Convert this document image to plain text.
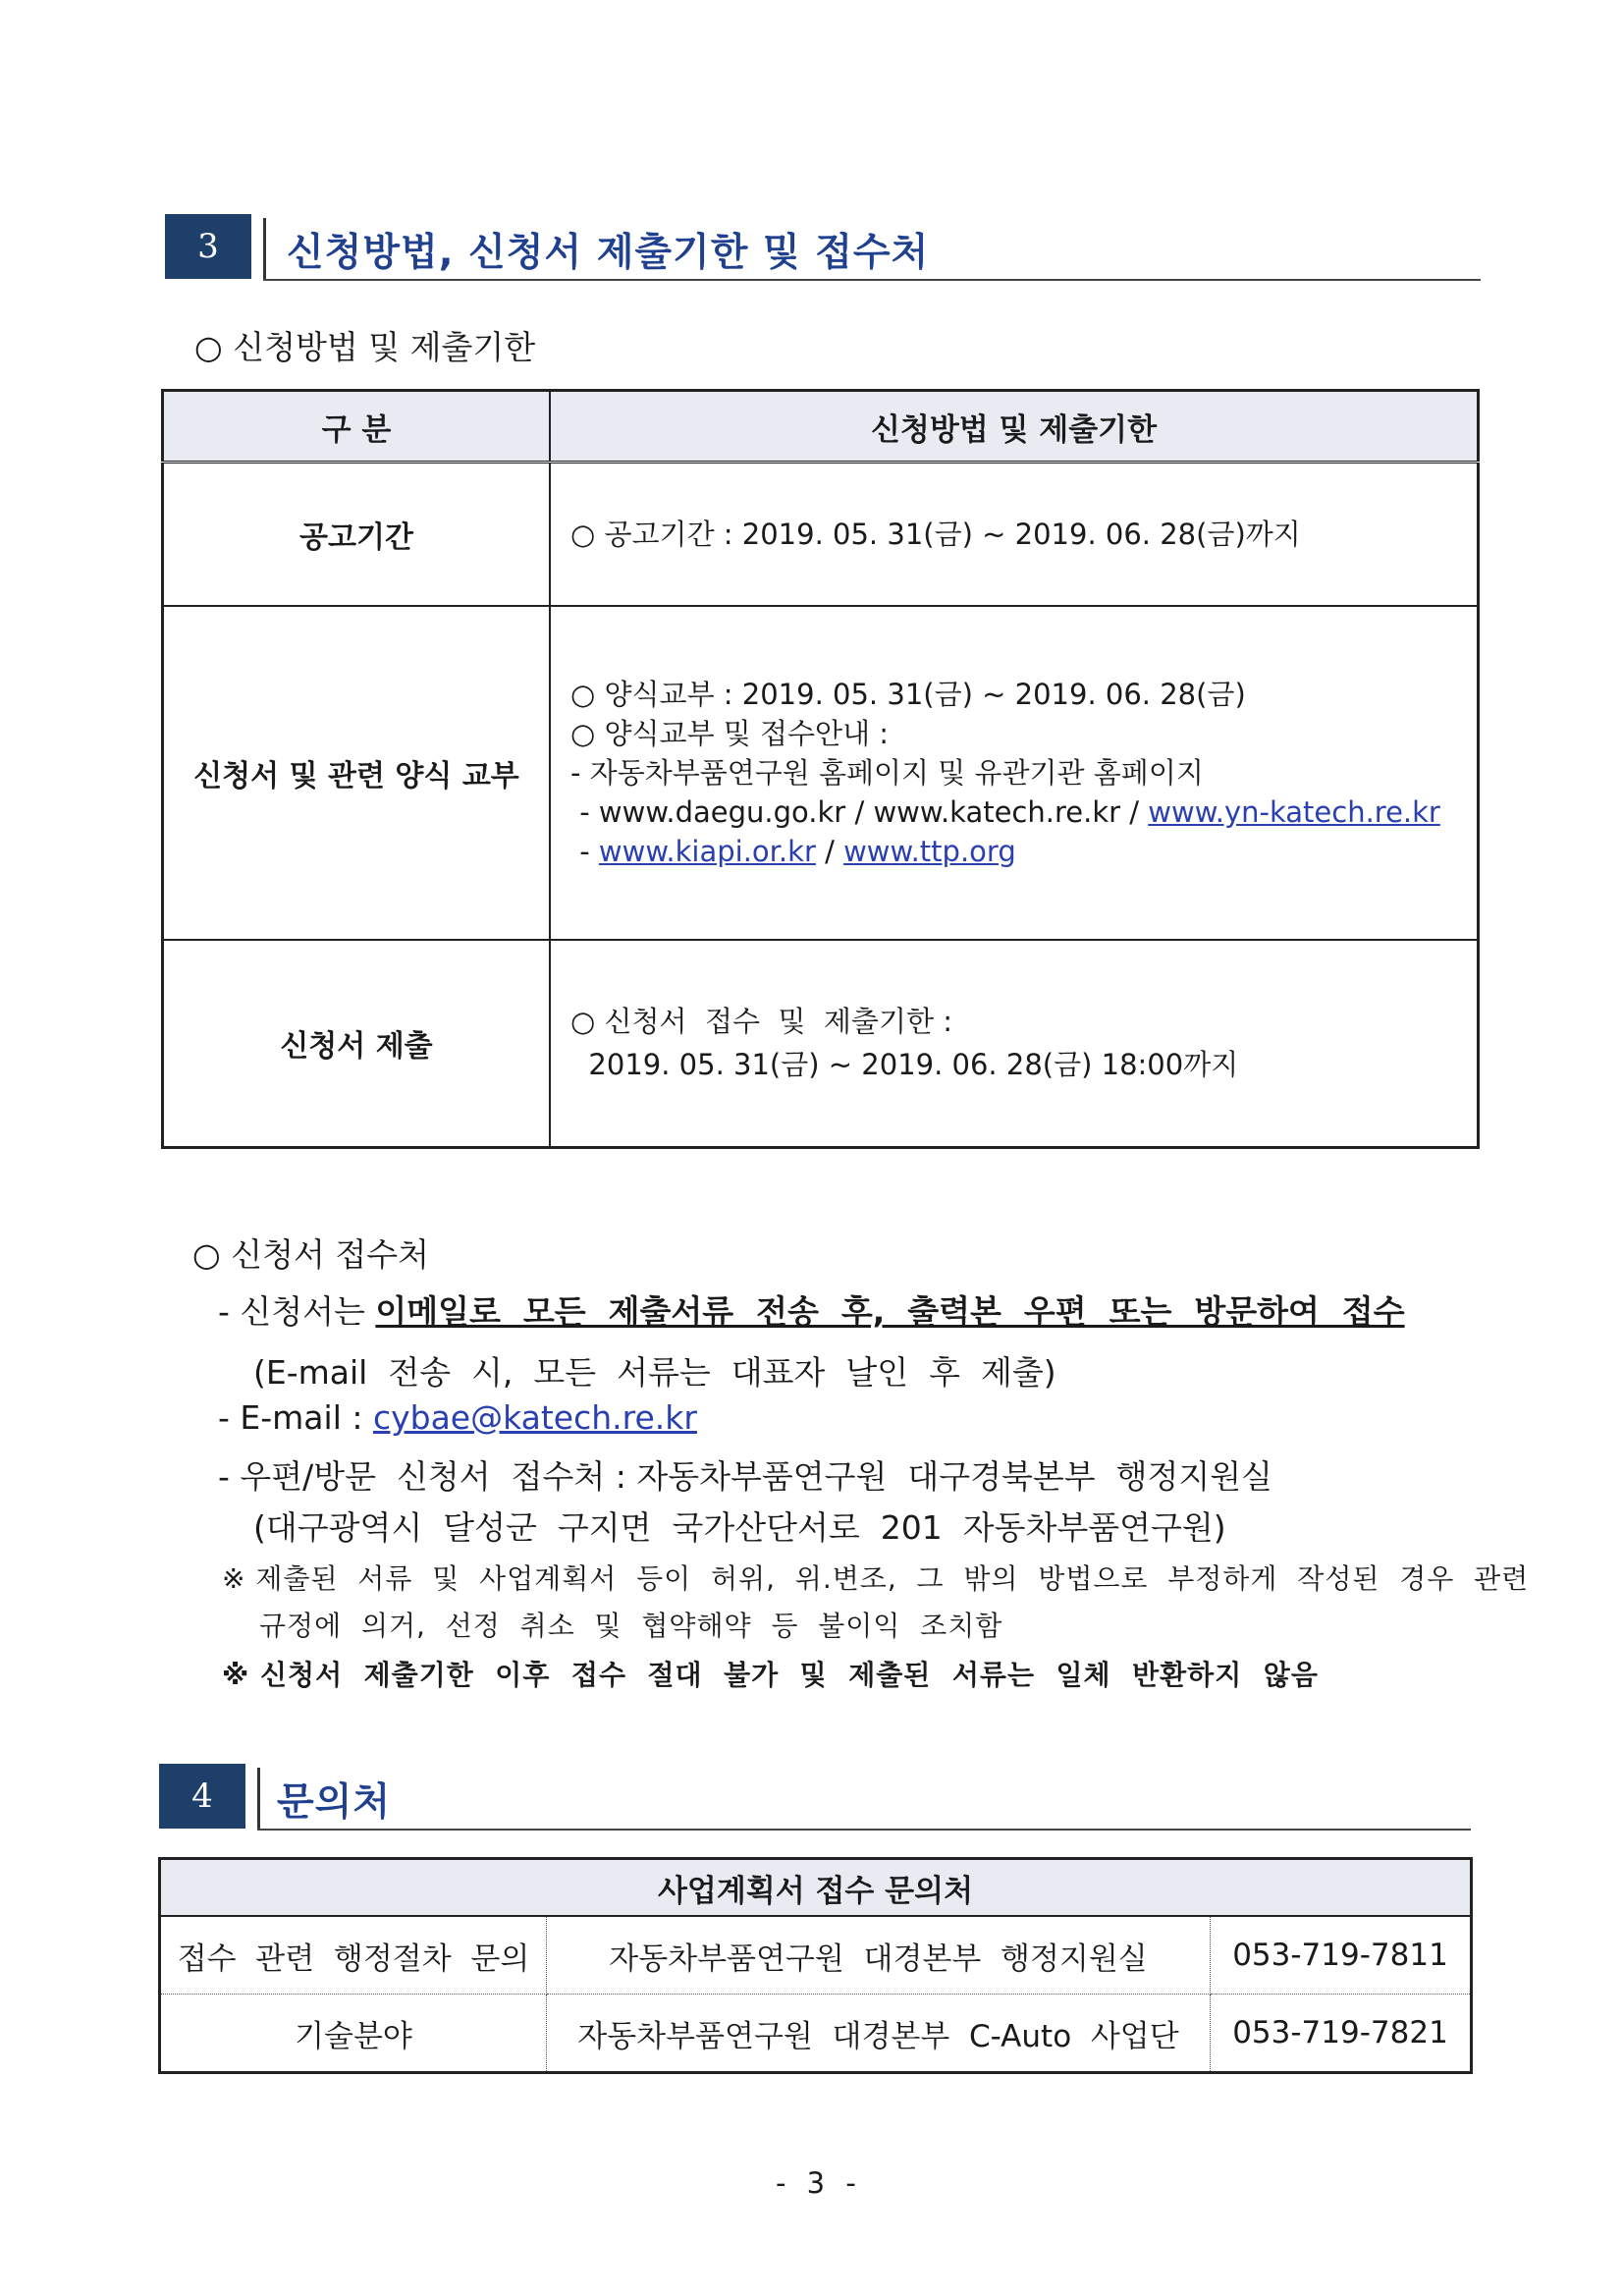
3	신청방법, 신청서 제출기한 및 접수처
○ 신청방법 및 제출기한
구 분	신청방법 및 제출기한
공고기간	○ 공고기간 : 2019. 05. 31(금) ~ 2019. 06. 28(금)까지

신청서 및 관련 양식 교부	○ 양식교부 : 2019. 05. 31(금) ~ 2019. 06. 28(금)
○ 양식교부 및 접수안내 :
- 자동차부품연구원 홈페이지 및 유관기관 홈페이지
- www.daegu.go.kr / www.katech.re.kr / www.yn-katech.re.kr
- www.kiapi.or.kr / www.ttp.org

신청서 제출	○ 신청서  접수  및  제출기한 :
2019. 05. 31(금) ~ 2019. 06. 28(금) 18:00까지
○ 신청서 접수처
- 신청서는 이메일로  모든  제출서류  전송  후,  출력본  우편  또는  방문하여  접수
(E-mail  전송  시,  모든  서류는  대표자  날인  후  제출)
- E-mail : cybae@katech.re.kr
- 우편/방문  신청서  접수처 : 자동차부품연구원  대구경북본부  행정지원실
(대구광역시  달성군  구지면  국가산단서로  201  자동차부품연구원)
※ 제출된  서류  및  사업계획서  등이  허위,  위.변조,  그  밖의  방법으로  부정하게  작성된  경우  관련
규정에  의거,  선정  취소  및  협약해약  등  불이익  조치함
※ 신청서  제출기한  이후  접수  절대  불가  및  제출된  서류는  일체  반환하지  않음
4	문의처
사업계획서 접수 문의처		
접수  관련  행정절차  문의	자동차부품연구원  대경본부  행정지원실	053-719-7811
기술분야	자동차부품연구원  대경본부  C-Auto  사업단	053-719-7821
- 3 -
